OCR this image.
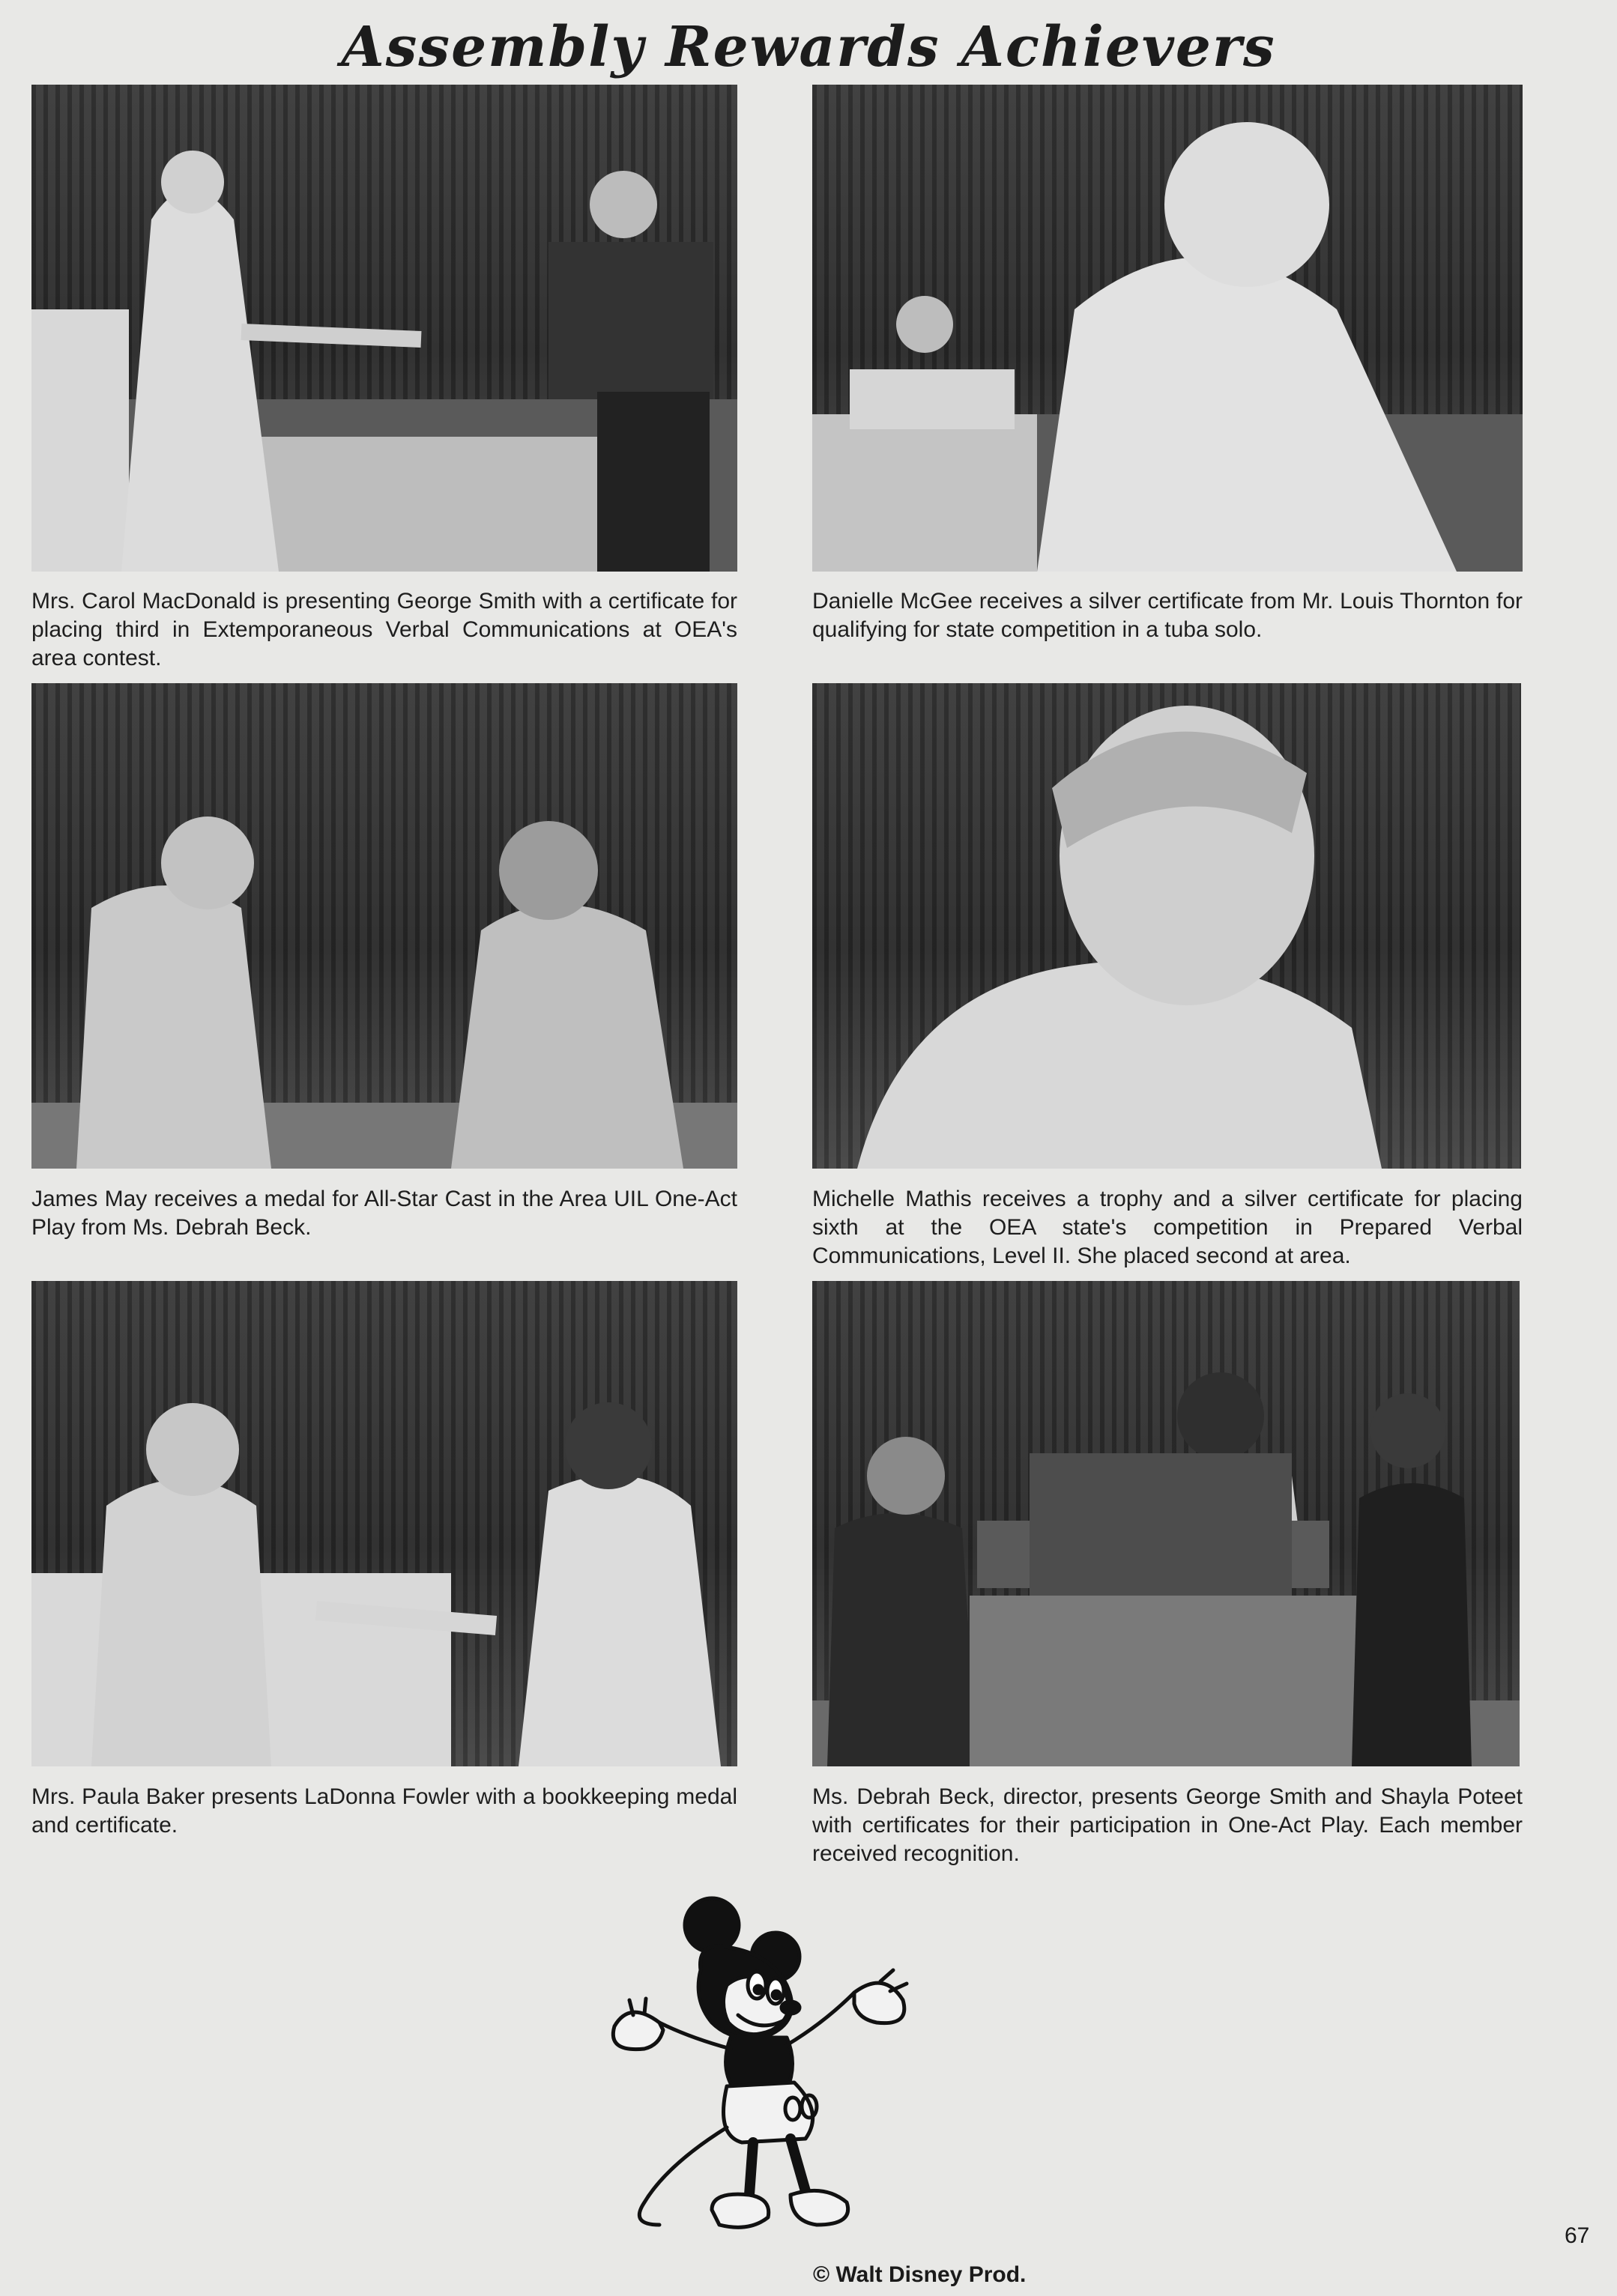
Assembly Rewards Achievers

Mrs. Carol MacDonald is presenting George Smith with a certificate for placing third in Extemporaneous Verbal Communications at OEA's area contest.

Danielle McGee receives a silver certificate from Mr. Louis Thornton for qualifying for state competition in a tuba solo.

James May receives a medal for All-Star Cast in the Area UIL One-Act Play from Ms. Debrah Beck.

Michelle Mathis receives a trophy and a silver certificate for placing sixth at the OEA state's competition in Prepared Verbal Communications, Level II. She placed second at area.

Mrs. Paula Baker presents LaDonna Fowler with a bookkeeping medal and certificate.

Ms. Debrah Beck, director, presents George Smith and Shayla Poteet with certificates for their participation in One-Act Play. Each member received recognition.

© Walt Disney Prod.

67
